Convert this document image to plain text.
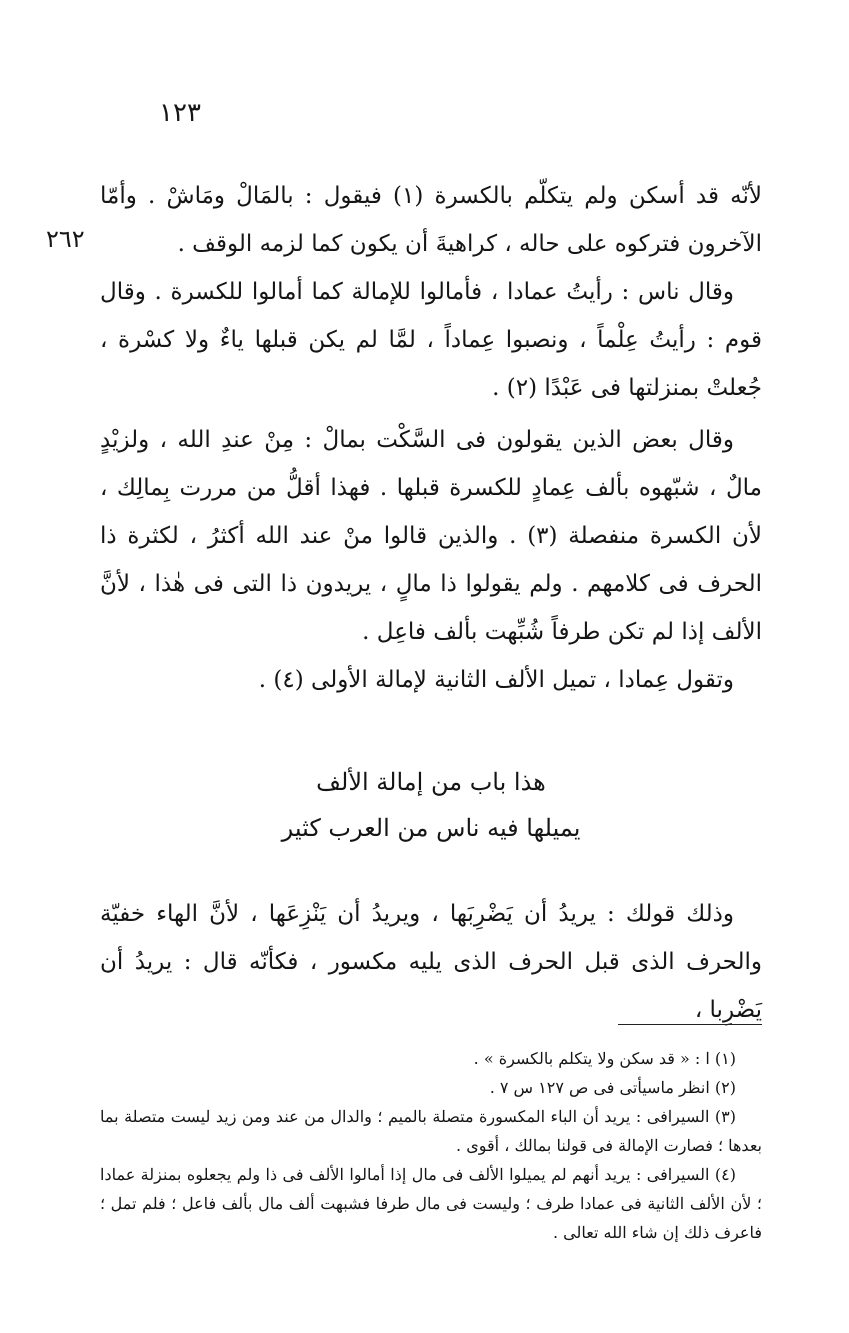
١٢٣
٢٦٢

لأنّه قد أسكن ولم يتكلّم بالكسرة (١) فيقول : بالمَالْ ومَاشْ . وأمّا الآخرون فتركوه على حاله ، كراهيةَ أن يكون كما لزمه الوقف .

وقال ناس : رأيتُ عمادا ، فأمالوا للإمالة كما أمالوا للكسرة . وقال قوم : رأيتُ عِلْماً ، ونصبوا عِماداً ، لمَّا لم يكن قبلها ياءٌ ولا كسْرة ، جُعلتْ بمنزلتها فى عَبْدًا (٢) .

وقال بعض الذين يقولون فى السَّكْت بمالْ : مِنْ عندِ الله ، ولزيْدٍ مالٌ ، شبّهوه بألف عِمادٍ للكسرة قبلها . فهذا أقلُّ من مررت بِمالِك ، لأن الكسرة منفصلة (٣) . والذين قالوا منْ عند الله أكثرُ ، لكثرة ذا الحرف فى كلامهم . ولم يقولوا ذا مالٍ ، يريدون ذا التى فى هٰذا ، لأنَّ الألف إذا لم تكن طرفاً شُبِّهت بألف فاعِل .

وتقول عِمادا ، تميل الألف الثانية لإمالة الأولى (٤) .

هذا باب من إمالة الألف
يميلها فيه ناس من العرب كثير

وذلك قولك : يريدُ أن يَضْرِبَها ، ويريدُ أن يَنْزِعَها ، لأنَّ الهاء خفيّة والحرف الذى قبل الحرف الذى يليه مكسور ، فكأنّه قال : يريدُ أن يَضْرِبا ،

(١) ا : « قد سكن ولا يتكلم بالكسرة » .

(٢) انظر ماسيأتى فى ص ١٢٧ س ٧ .

(٣) السيرافى : يريد أن الباء المكسورة متصلة بالميم ؛ والدال من عند ومن زيد ليست متصلة بما بعدها ؛ فصارت الإمالة فى قولنا بمالك ، أقوى .

(٤) السيرافى : يريد أنهم لم يميلوا الألف فى مال إذا أمالوا الألف فى ذا ولم يجعلوه بمنزلة عمادا ؛ لأن الألف الثانية فى عمادا طرف ؛ وليست فى مال طرفا فشبهت ألف مال بألف فاعل ؛ فلم تمل ؛ فاعرف ذلك إن شاء الله تعالى .
